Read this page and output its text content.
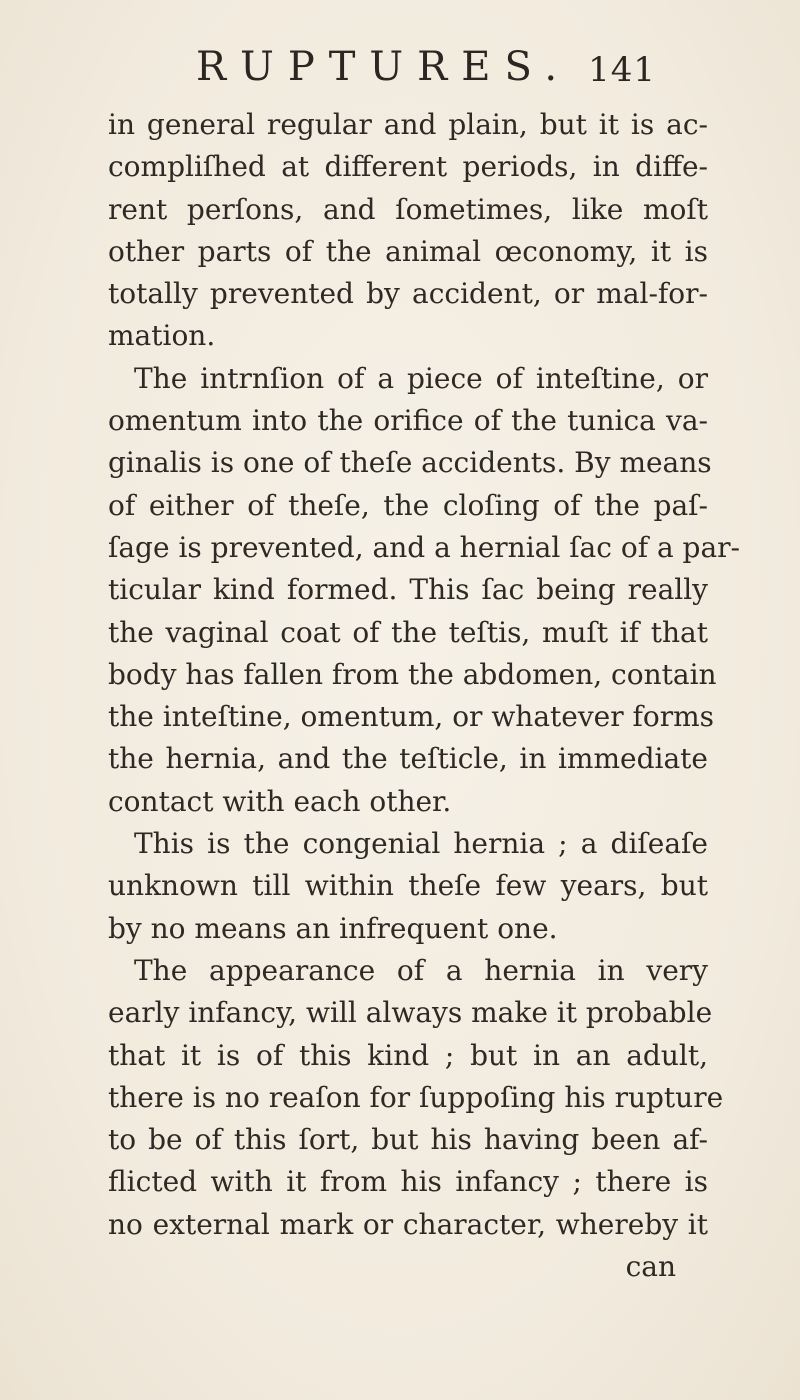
RUPTURES. 141
in general regular and plain, but it is ac-
compliſhed at different periods, in diffe-
rent perſons, and ſometimes, like moſt
other parts of the animal œconomy, it is
totally prevented by accident, or mal-for-
mation.
The intrnſion of a piece of inteſtine, or
omentum into the orifice of the tunica va-
ginalis is one of theſe accidents. By means
of either of theſe, the cloſing of the paſ-
ſage is prevented, and a hernial ſac of a par-
ticular kind formed. This ſac being really
the vaginal coat of the teſtis, muſt if that
body has fallen from the abdomen, contain
the inteſtine, omentum, or whatever forms
the hernia, and the teſticle, in immediate
contact with each other.
This is the congenial hernia ; a diſeaſe
unknown till within theſe few years, but
by no means an infrequent one.
The appearance of a hernia in very
early infancy, will always make it probable
that it is of this kind ; but in an adult,
there is no reaſon for ſuppoſing his rupture
to be of this ſort, but his having been af-
flicted with it from his infancy ; there is
no external mark or character, whereby it
can
